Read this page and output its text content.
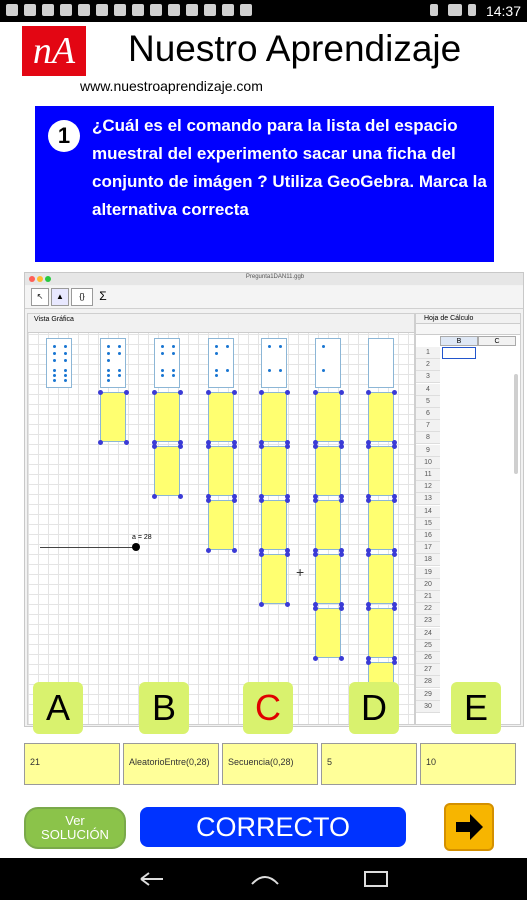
14:37
nA Nuestro Aprendizaje
www.nuestroaprendizaje.com
1	¿Cuál es el comando para la lista del espacio muestral del experimento sacar una ficha del conjunto de imágen ? Utiliza GeoGebra. Marca la alternativa correcta
Pregunta1DAN11.ggb
↖	▲	{}	Σ
Vista Gráfica
a = 28
+
Hoja de Cálculo
B	C
1
2
3
4
5
6
7
8
9
10
11
12
13
14
15
16
17
18
19
20
21
22
23
24
25
26
27
28
29
30
A	B	C	D	E
21	AleatorioEntre(0,28)	Secuencia(0,28)	5	10
Ver
SOLUCIÓN	CORRECTO
